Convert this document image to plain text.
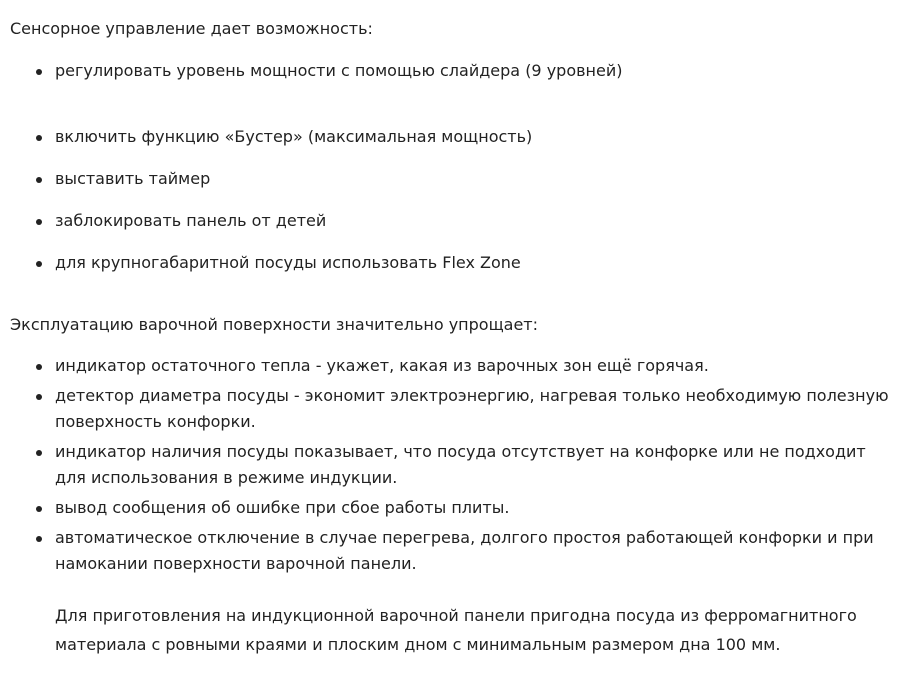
Сенсорное управление дает возможность:

регулировать уровень мощности с помощью слайдера (9 уровней)
включить функцию «Бустер» (максимальная мощность)
выставить таймер
заблокировать панель от детей
для крупногабаритной посуды использовать Flex Zone

Эксплуатацию варочной поверхности значительно упрощает:

индикатор остаточного тепла - укажет, какая из варочных зон ещё горячая.
детектор диаметра посуды - экономит электроэнергию, нагревая только необходимую полезную поверхность конфорки.
индикатор наличия посуды показывает, что посуда отсутствует на конфорке или не подходит для использования в режиме индукции.
вывод сообщения об ошибке при сбое работы плиты.
автоматическое отключение в случае перегрева, долгого простоя работающей конфорки и при намокании поверхности варочной панели.

Для приготовления на индукционной варочной панели пригодна посуда из ферромагнитного материала с ровными краями и плоским дном с минимальным размером дна 100 мм.
